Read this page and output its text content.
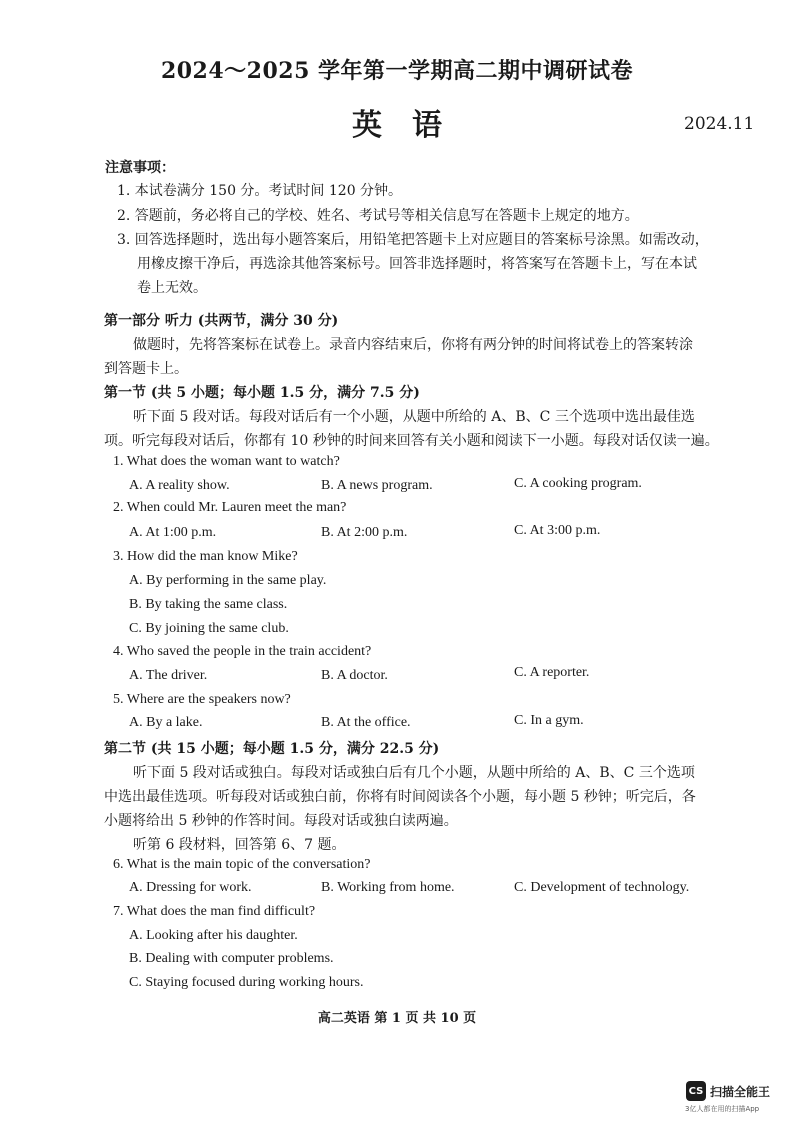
2024～2025 学年第一学期高二期中调研试卷
英语	2024.11
注意事项：
1. 本试卷满分 150 分。考试时间 120 分钟。
2. 答题前，务必将自己的学校、姓名、考试号等相关信息写在答题卡上规定的地方。
3. 回答选择题时，选出每小题答案后，用铅笔把答题卡上对应题目的答案标号涂黑。如需改动，
用橡皮擦干净后，再选涂其他答案标号。回答非选择题时，将答案写在答题卡上，写在本试
卷上无效。
第一部分 听力 (共两节，满分 30 分)
做题时，先将答案标在试卷上。录音内容结束后，你将有两分钟的时间将试卷上的答案转涂
到答题卡上。
第一节 (共 5 小题；每小题 1.5 分，满分 7.5 分)
听下面 5 段对话。每段对话后有一个小题，从题中所给的 A、B、C 三个选项中选出最佳选
项。听完每段对话后，你都有 10 秒钟的时间来回答有关小题和阅读下一小题。每段对话仅读一遍。
1. What does the woman want to watch?
A. A reality show.	B. A news program.	C. A cooking program.
2. When could Mr. Lauren meet the man?
A. At 1:00 p.m.	B. At 2:00 p.m.	C. At 3:00 p.m.
3. How did the man know Mike?
A. By performing in the same play.
B. By taking the same class.
C. By joining the same club.
4. Who saved the people in the train accident?
A. The driver.	B. A doctor.	C. A reporter.
5. Where are the speakers now?
A. By a lake.	B. At the office.	C. In a gym.
第二节 (共 15 小题；每小题 1.5 分，满分 22.5 分)
听下面 5 段对话或独白。每段对话或独白后有几个小题，从题中所给的 A、B、C 三个选项
中选出最佳选项。听每段对话或独白前，你将有时间阅读各个小题，每小题 5 秒钟；听完后，各
小题将给出 5 秒钟的作答时间。每段对话或独白读两遍。
听第 6 段材料，回答第 6、7 题。
6. What is the main topic of the conversation?
A. Dressing for work.	B. Working from home.	C. Development of technology.
7. What does the man find difficult?
A. Looking after his daughter.
B. Dealing with computer problems.
C. Staying focused during working hours.
高二英语 第 1 页 共 10 页
CS 扫描全能王
3亿人都在用的扫描App
